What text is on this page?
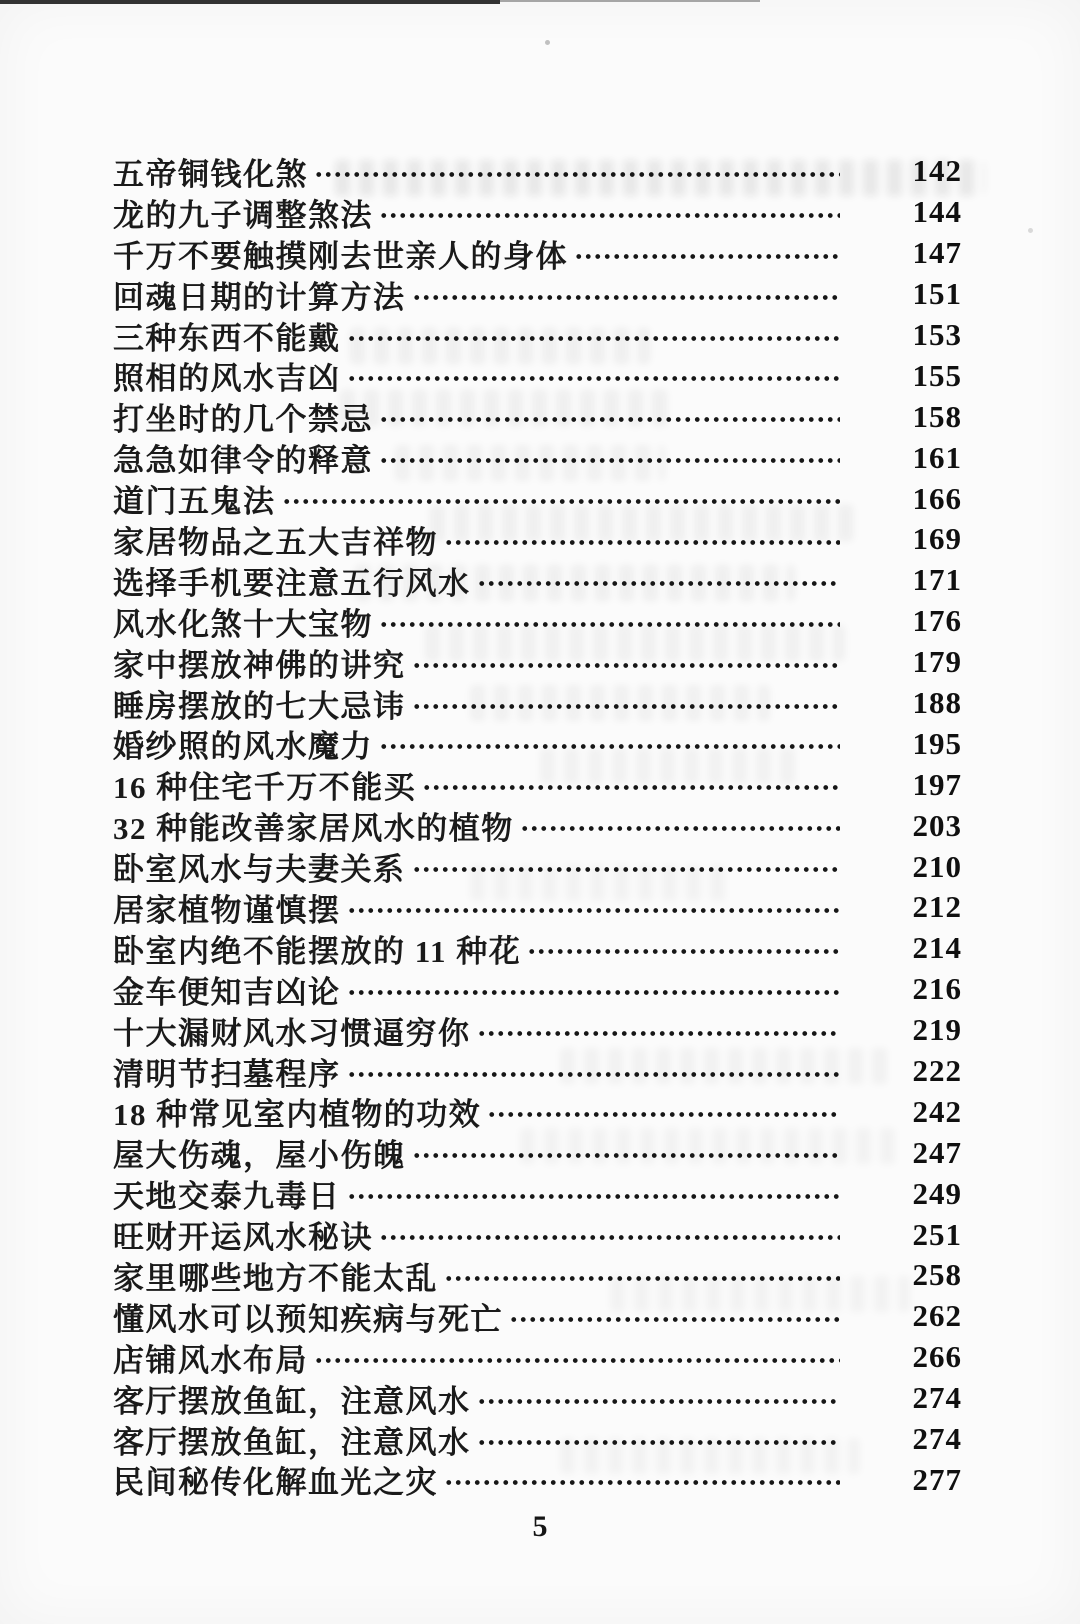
五帝铜钱化煞	142
龙的九子调整煞法	144
千万不要触摸刚去世亲人的身体	147
回魂日期的计算方法	151
三种东西不能戴	153
照相的风水吉凶	155
打坐时的几个禁忌	158
急急如律令的释意	161
道门五鬼法	166
家居物品之五大吉祥物	169
选择手机要注意五行风水	171
风水化煞十大宝物	176
家中摆放神佛的讲究	179
睡房摆放的七大忌讳	188
婚纱照的风水魔力	195
16 种住宅千万不能买	197
32 种能改善家居风水的植物	203
卧室风水与夫妻关系	210
居家植物谨慎摆	212
卧室内绝不能摆放的 11 种花	214
金车便知吉凶论	216
十大漏财风水习惯逼穷你	219
清明节扫墓程序	222
18 种常见室内植物的功效	242
屋大伤魂，屋小伤魄	247
天地交泰九毒日	249
旺财开运风水秘诀	251
家里哪些地方不能太乱	258
懂风水可以预知疾病与死亡	262
店铺风水布局	266
客厅摆放鱼缸，注意风水	274
客厅摆放鱼缸，注意风水	274
民间秘传化解血光之灾	277
5
